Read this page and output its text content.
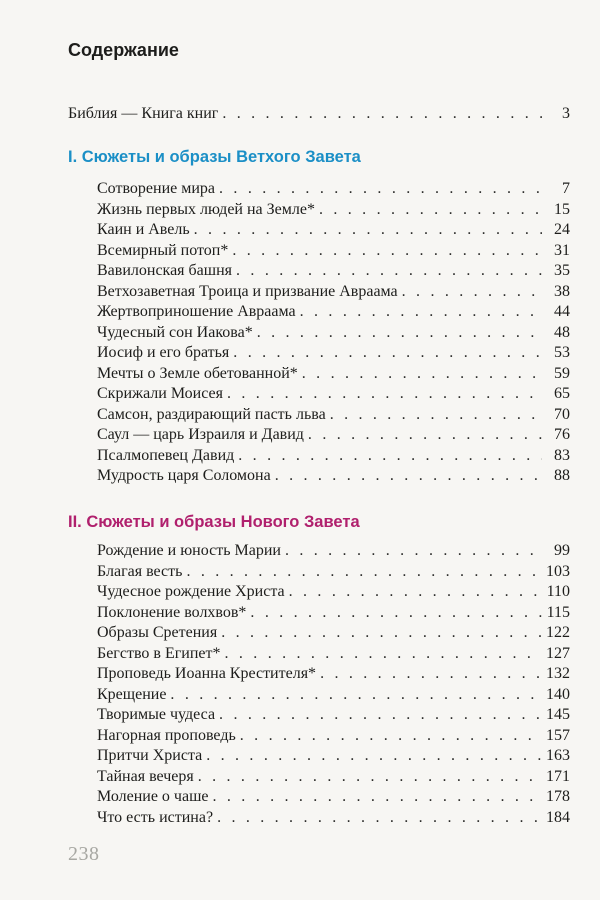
Содержание
Библия — Книга книг . . .	3
I. Сюжеты и образы Ветхого Завета
Сотворение мира . . .	7
Жизнь первых людей на Земле* . . .	15
Каин и Авель . . .	24
Всемирный потоп* . . .	31
Вавилонская башня . . .	35
Ветхозаветная Троица и призвание Авраама . . .	38
Жертвоприношение Авраама . . .	44
Чудесный сон Иакова* . . .	48
Иосиф и его братья . . .	53
Мечты о Земле обетованной* . . .	59
Скрижали Моисея . . .	65
Самсон, раздирающий пасть льва . . .	70
Саул — царь Израиля и Давид . . .	76
Псалмопевец Давид . . .	83
Мудрость царя Соломона . . .	88
II. Сюжеты и образы Нового Завета
Рождение и юность Марии . . .	99
Благая весть . . .	103
Чудесное рождение Христа . . .	110
Поклонение волхвов* . . .	115
Образы Сретения . . .	122
Бегство в Египет* . . .	127
Проповедь Иоанна Крестителя* . . .	132
Крещение . . .	140
Творимые чудеса . . .	145
Нагорная проповедь . . .	157
Притчи Христа . . .	163
Тайная вечеря . . .	171
Моление о чаше . . .	178
Что есть истина? . . .	184
238
